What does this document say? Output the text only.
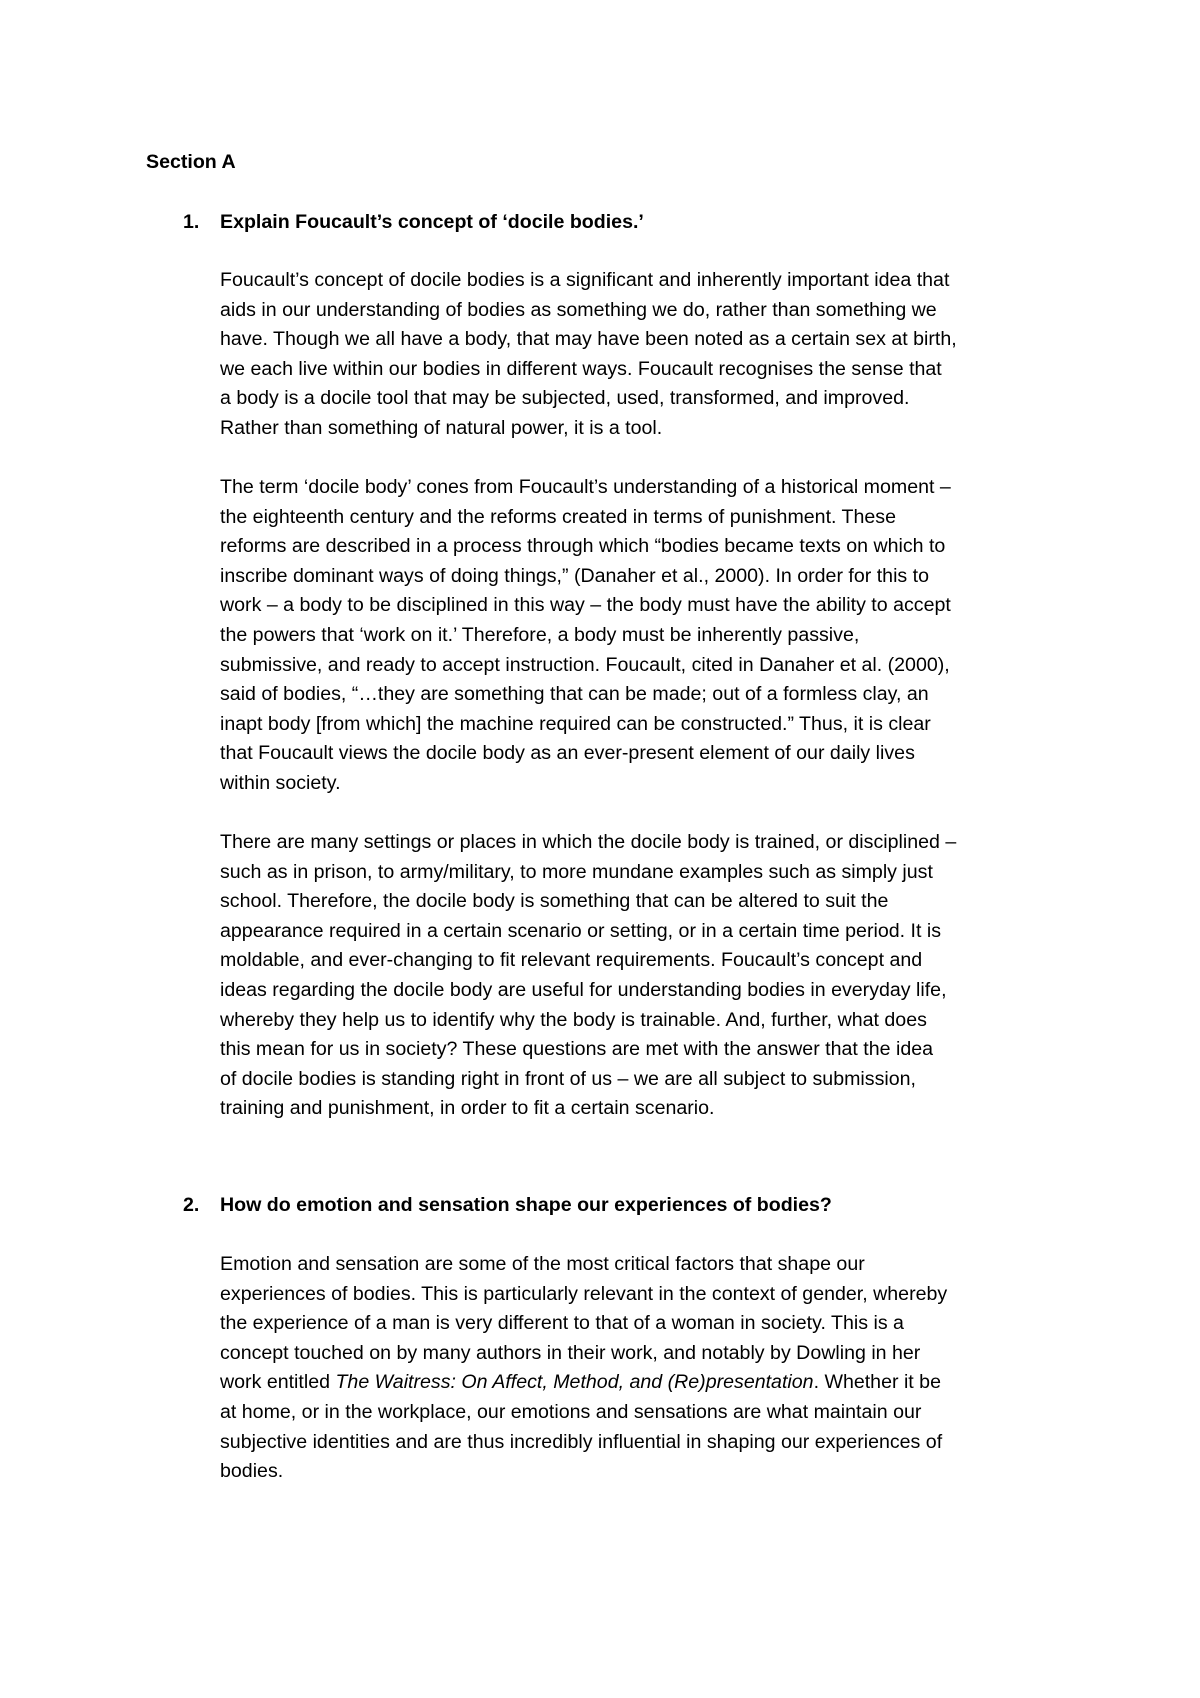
Section A
1. Explain Foucault’s concept of ‘docile bodies.’
Foucault’s concept of docile bodies is a significant and inherently important idea that
aids in our understanding of bodies as something we do, rather than something we
have. Though we all have a body, that may have been noted as a certain sex at birth,
we each live within our bodies in different ways. Foucault recognises the sense that
a body is a docile tool that may be subjected, used, transformed, and improved.
Rather than something of natural power, it is a tool.
The term ‘docile body’ cones from Foucault’s understanding of a historical moment –
the eighteenth century and the reforms created in terms of punishment. These
reforms are described in a process through which “bodies became texts on which to
inscribe dominant ways of doing things,” (Danaher et al., 2000). In order for this to
work – a body to be disciplined in this way – the body must have the ability to accept
the powers that ‘work on it.’ Therefore, a body must be inherently passive,
submissive, and ready to accept instruction. Foucault, cited in Danaher et al. (2000),
said of bodies, “…they are something that can be made; out of a formless clay, an
inapt body [from which] the machine required can be constructed.” Thus, it is clear
that Foucault views the docile body as an ever-present element of our daily lives
within society.
There are many settings or places in which the docile body is trained, or disciplined –
such as in prison, to army/military, to more mundane examples such as simply just
school. Therefore, the docile body is something that can be altered to suit the
appearance required in a certain scenario or setting, or in a certain time period. It is
moldable, and ever-changing to fit relevant requirements. Foucault’s concept and
ideas regarding the docile body are useful for understanding bodies in everyday life,
whereby they help us to identify why the body is trainable. And, further, what does
this mean for us in society? These questions are met with the answer that the idea
of docile bodies is standing right in front of us – we are all subject to submission,
training and punishment, in order to fit a certain scenario.
2. How do emotion and sensation shape our experiences of bodies?
Emotion and sensation are some of the most critical factors that shape our
experiences of bodies. This is particularly relevant in the context of gender, whereby
the experience of a man is very different to that of a woman in society. This is a
concept touched on by many authors in their work, and notably by Dowling in her
work entitled The Waitress: On Affect, Method, and (Re)presentation. Whether it be
at home, or in the workplace, our emotions and sensations are what maintain our
subjective identities and are thus incredibly influential in shaping our experiences of
bodies.
